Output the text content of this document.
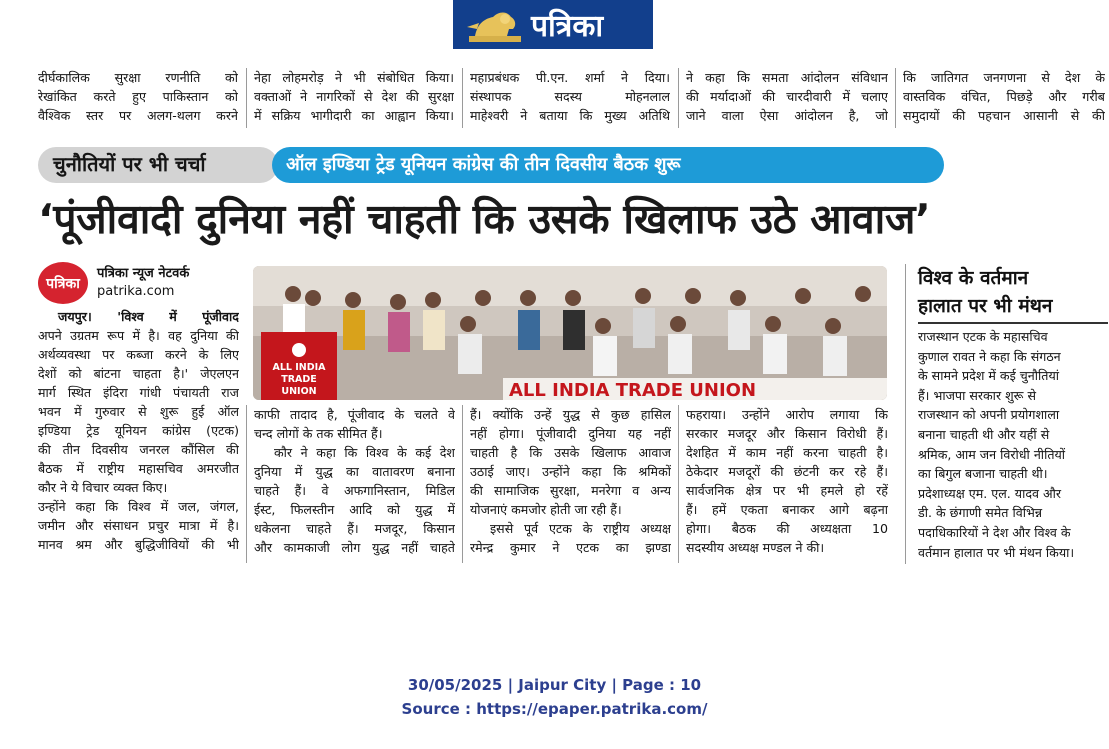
पत्रिका
दीर्घकालिक सुरक्षा रणनीति को
रेखांकित करते हुए पाकिस्तान को
वैश्विक स्तर पर अलग-थलग करने
नेहा लोहमरोड़ ने भी संबोधित किया।
वक्ताओं ने नागरिकों से देश की सुरक्षा
में सक्रिय भागीदारी का आह्वान किया।
महाप्रबंधक पी.एन. शर्मा ने दिया।
संस्थापक सदस्य मोहनलाल
माहेश्वरी ने बताया कि मुख्य अतिथि
ने कहा कि समता आंदोलन संविधान
की मर्यादाओं की चारदीवारी में चलाए
जाने वाला ऐसा आंदोलन है, जो
कि जातिगत जनगणना से देश के
वास्तविक वंचित, पिछड़े और गरीब
समुदायों की पहचान आसानी से की
चुनौतियों पर भी चर्चा	ऑल इण्डिया ट्रेड यूनियन कांग्रेस की तीन दिवसीय बैठक शुरू
‘पूंजीवादी दुनिया नहीं चाहती कि उसके खिलाफ उठे आवाज’
पत्रिका
पत्रिका न्यूज नेटवर्क
patrika.com
ALL INDIA TRADE UNION	ALL INDIA TRADE UNION
जयपुर। 'विश्व में पूंजीवाद
अपने उग्रतम रूप में है। वह दुनिया की
अर्थव्यवस्था पर कब्जा करने के लिए
देशों को बांटना चाहता है।' जेएलएन
मार्ग स्थित इंदिरा गांधी पंचायती राज
भवन में गुरुवार से शुरू हुई ऑल
इण्डिया ट्रेड यूनियन कांग्रेस (एटक)
की तीन दिवसीय जनरल कौंसिल की
बैठक में राष्ट्रीय महासचिव अमरजीत
कौर ने ये विचार व्यक्त किए।
उन्होंने कहा कि विश्व में जल, जंगल,
जमीन और संसाधन प्रचुर मात्रा में है।
मानव श्रम और बुद्धिजीवियों की भी
काफी तादाद है, पूंजीवाद के चलते वे
चन्द लोगों के तक सीमित हैं।
कौर ने कहा कि विश्व के कई देश
दुनिया में युद्ध का वातावरण बनाना
चाहते हैं। वे अफगानिस्तान, मिडिल
ईस्ट, फिलस्तीन आदि को युद्ध में
धकेलना चाहते हैं। मजदूर, किसान
और कामकाजी लोग युद्ध नहीं चाहते
हैं। क्योंकि उन्हें युद्ध से कुछ हासिल
नहीं होगा। पूंजीवादी दुनिया यह नहीं
चाहती है कि उसके खिलाफ आवाज
उठाई जाए। उन्होंने कहा कि श्रमिकों
की सामाजिक सुरक्षा, मनरेगा व अन्य
योजनाएं कमजोर होती जा रही हैं।
इससे पूर्व एटक के राष्ट्रीय अध्यक्ष
रमेन्द्र कुमार ने एटक का झण्डा
फहराया। उन्होंने आरोप लगाया कि
सरकार मजदूर और किसान विरोधी हैं।
देशहित में काम नहीं करना चाहती है।
ठेकेदार मजदूरों की छंटनी कर रहे हैं।
सार्वजनिक क्षेत्र पर भी हमले हो रहें
हैं। हमें एकता बनाकर आगे बढ़ना
होगा। बैठक की अध्यक्षता 10
सदस्यीय अध्यक्ष मण्डल ने की।
विश्व के वर्तमान
हालात पर भी मंथन
राजस्थान एटक के महासचिव
कुणाल रावत ने कहा कि संगठन
के सामने प्रदेश में कई चुनौतियां
हैं। भाजपा सरकार शुरू से
राजस्थान को अपनी प्रयोगशाला
बनाना चाहती थी और यहीं से
श्रमिक, आम जन विरोधी नीतियों
का बिगुल बजाना चाहती थी।
प्रदेशाध्यक्ष एम. एल. यादव और
डी. के छंगाणी समेत विभिन्न
पदाधिकारियों ने देश और विश्व के
वर्तमान हालात पर भी मंथन किया।
30/05/2025 | Jaipur City | Page : 10
Source : https://epaper.patrika.com/
